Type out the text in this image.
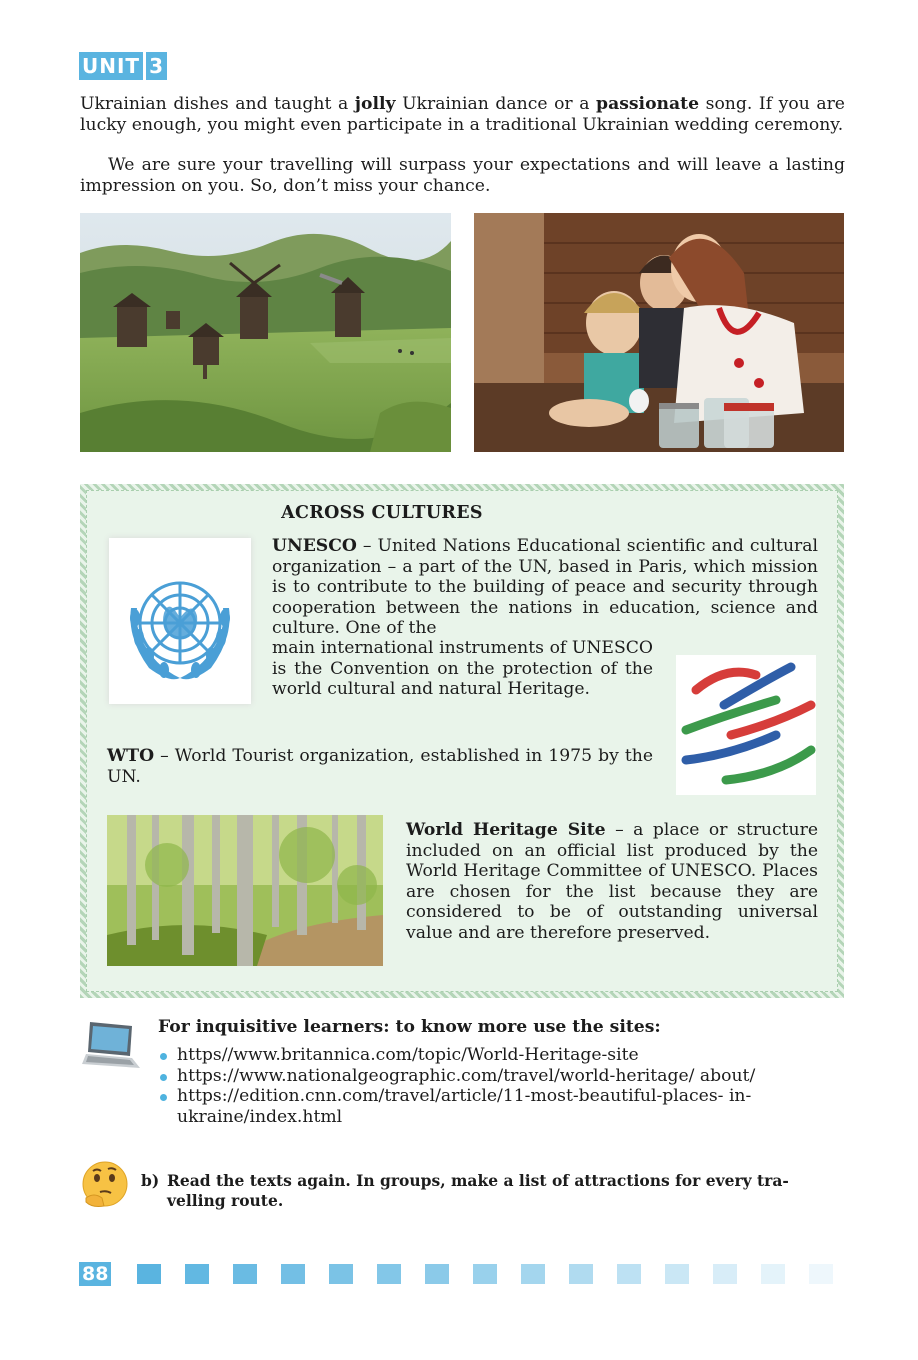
UNIT 3

Ukrainian dishes and taught a jolly Ukrainian dance or a passionate song. If you are lucky enough, you might even participate in a traditional Ukrainian wedding ceremony.

We are sure your travelling will surpass your expectations and will leave a lasting impression on you. So, don’t miss your chance.

ACROSS CULTURES

UNESCO – United Nations Educational scientific and cultural organization – a part of the UN, based in Paris, which mission is to contribute to the building of peace and security through cooperation between the nations in education, science and culture. One of the

main international instruments of UNESCO is the Convention on the protection of the world cultural and natural Heritage.

WTO – World Tourist organization, established in 1975 by the UN.

World Heritage Site – a place or structure included on an official list produced by the World Heritage Committee of UNESCO. Places are chosen for the list because they are considered to be of outstanding universal value and are therefore preserved.

For inquisitive learners: to know more use the sites:
https//www.britannica.com/topic/World-Heritage-site
https://www.nationalgeographic.com/travel/world-heritage/ about/
https://edition.cnn.com/travel/article/11-most-beautiful-places- in-ukraine/index.html
b) Read the texts again. In groups, make a list of attractions for every tra-
velling route.
88
